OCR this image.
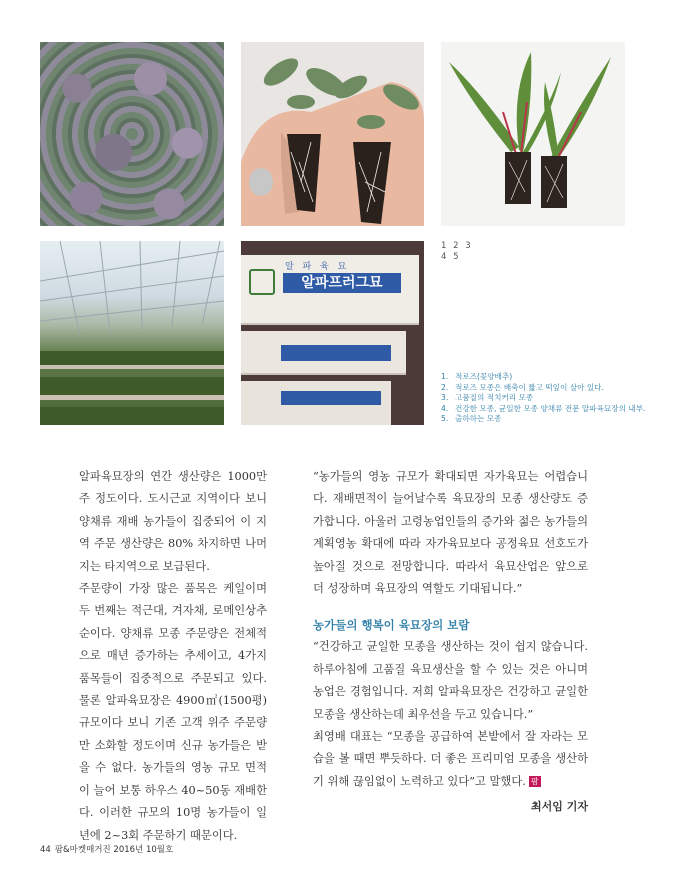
알 파 육 묘
알파프러그묘
1 2 3
4 5
1. 적로즈(꽃양배추)
2. 적로즈 모종은 배축이 짧고 떡잎이 살아 있다.
3. 고품질의 적치커리 모종
4. 건강한 모종, 균일한 모종 양채류 전문 알파육묘장의 내부.
5. 출하하는 모종

알파육묘장의 연간 생산량은 1000만 주 정도이다. 도시근교 지역이다 보니 양채류 재배 농가들이 집중되어 이 지역 주문 생산량은 80% 차지하면 나머지는 타지역으로 보급된다.

주문량이 가장 많은 품목은 케일이며 두 번째는 적근대, 겨자채, 로메인상추 순이다. 양채류 모종 주문량은 전체적으로 매년 증가하는 추세이고, 4가지 품목들이 집중적으로 주문되고 있다. 물론 알파육묘장은 4900㎡(1500평) 규모이다 보니 기존 고객 위주 주문량만 소화할 정도이며 신규 농가들은 받을 수 없다. 농가들의 영농 규모 면적이 늘어 보통 하우스 40~50동 재배한다. 이러한 규모의 10명 농가들이 일년에 2~3회 주문하기 때문이다.

“농가들의 영농 규모가 확대되면 자가육묘는 어렵습니다. 재배면적이 늘어날수록 육묘장의 모종 생산량도 증가합니다. 아울러 고령농업인들의 증가와 젊은 농가들의 계획영농 확대에 따라 자가육묘보다 공정육묘 선호도가 높아질 것으로 전망합니다. 따라서 육묘산업은 앞으로 더 성장하며 육묘장의 역할도 기대됩니다.”

농가들의 행복이 육묘장의 보람

“건강하고 균일한 모종을 생산하는 것이 쉽지 않습니다. 하루아침에 고품질 육묘생산을 할 수 있는 것은 아니며 농업은 경험입니다. 저희 알파육묘장은 건강하고 균일한 모종을 생산하는데 최우선을 두고 있습니다.”

최영배 대표는 “모종을 공급하여 본밭에서 잘 자라는 모습을 볼 때면 뿌듯하다. 더 좋은 프리미엄 모종을 생산하기 위해 끊임없이 노력하고 있다”고 말했다. 팜

최서임 기자
44 팜&마켓매거진 2016년 10월호
